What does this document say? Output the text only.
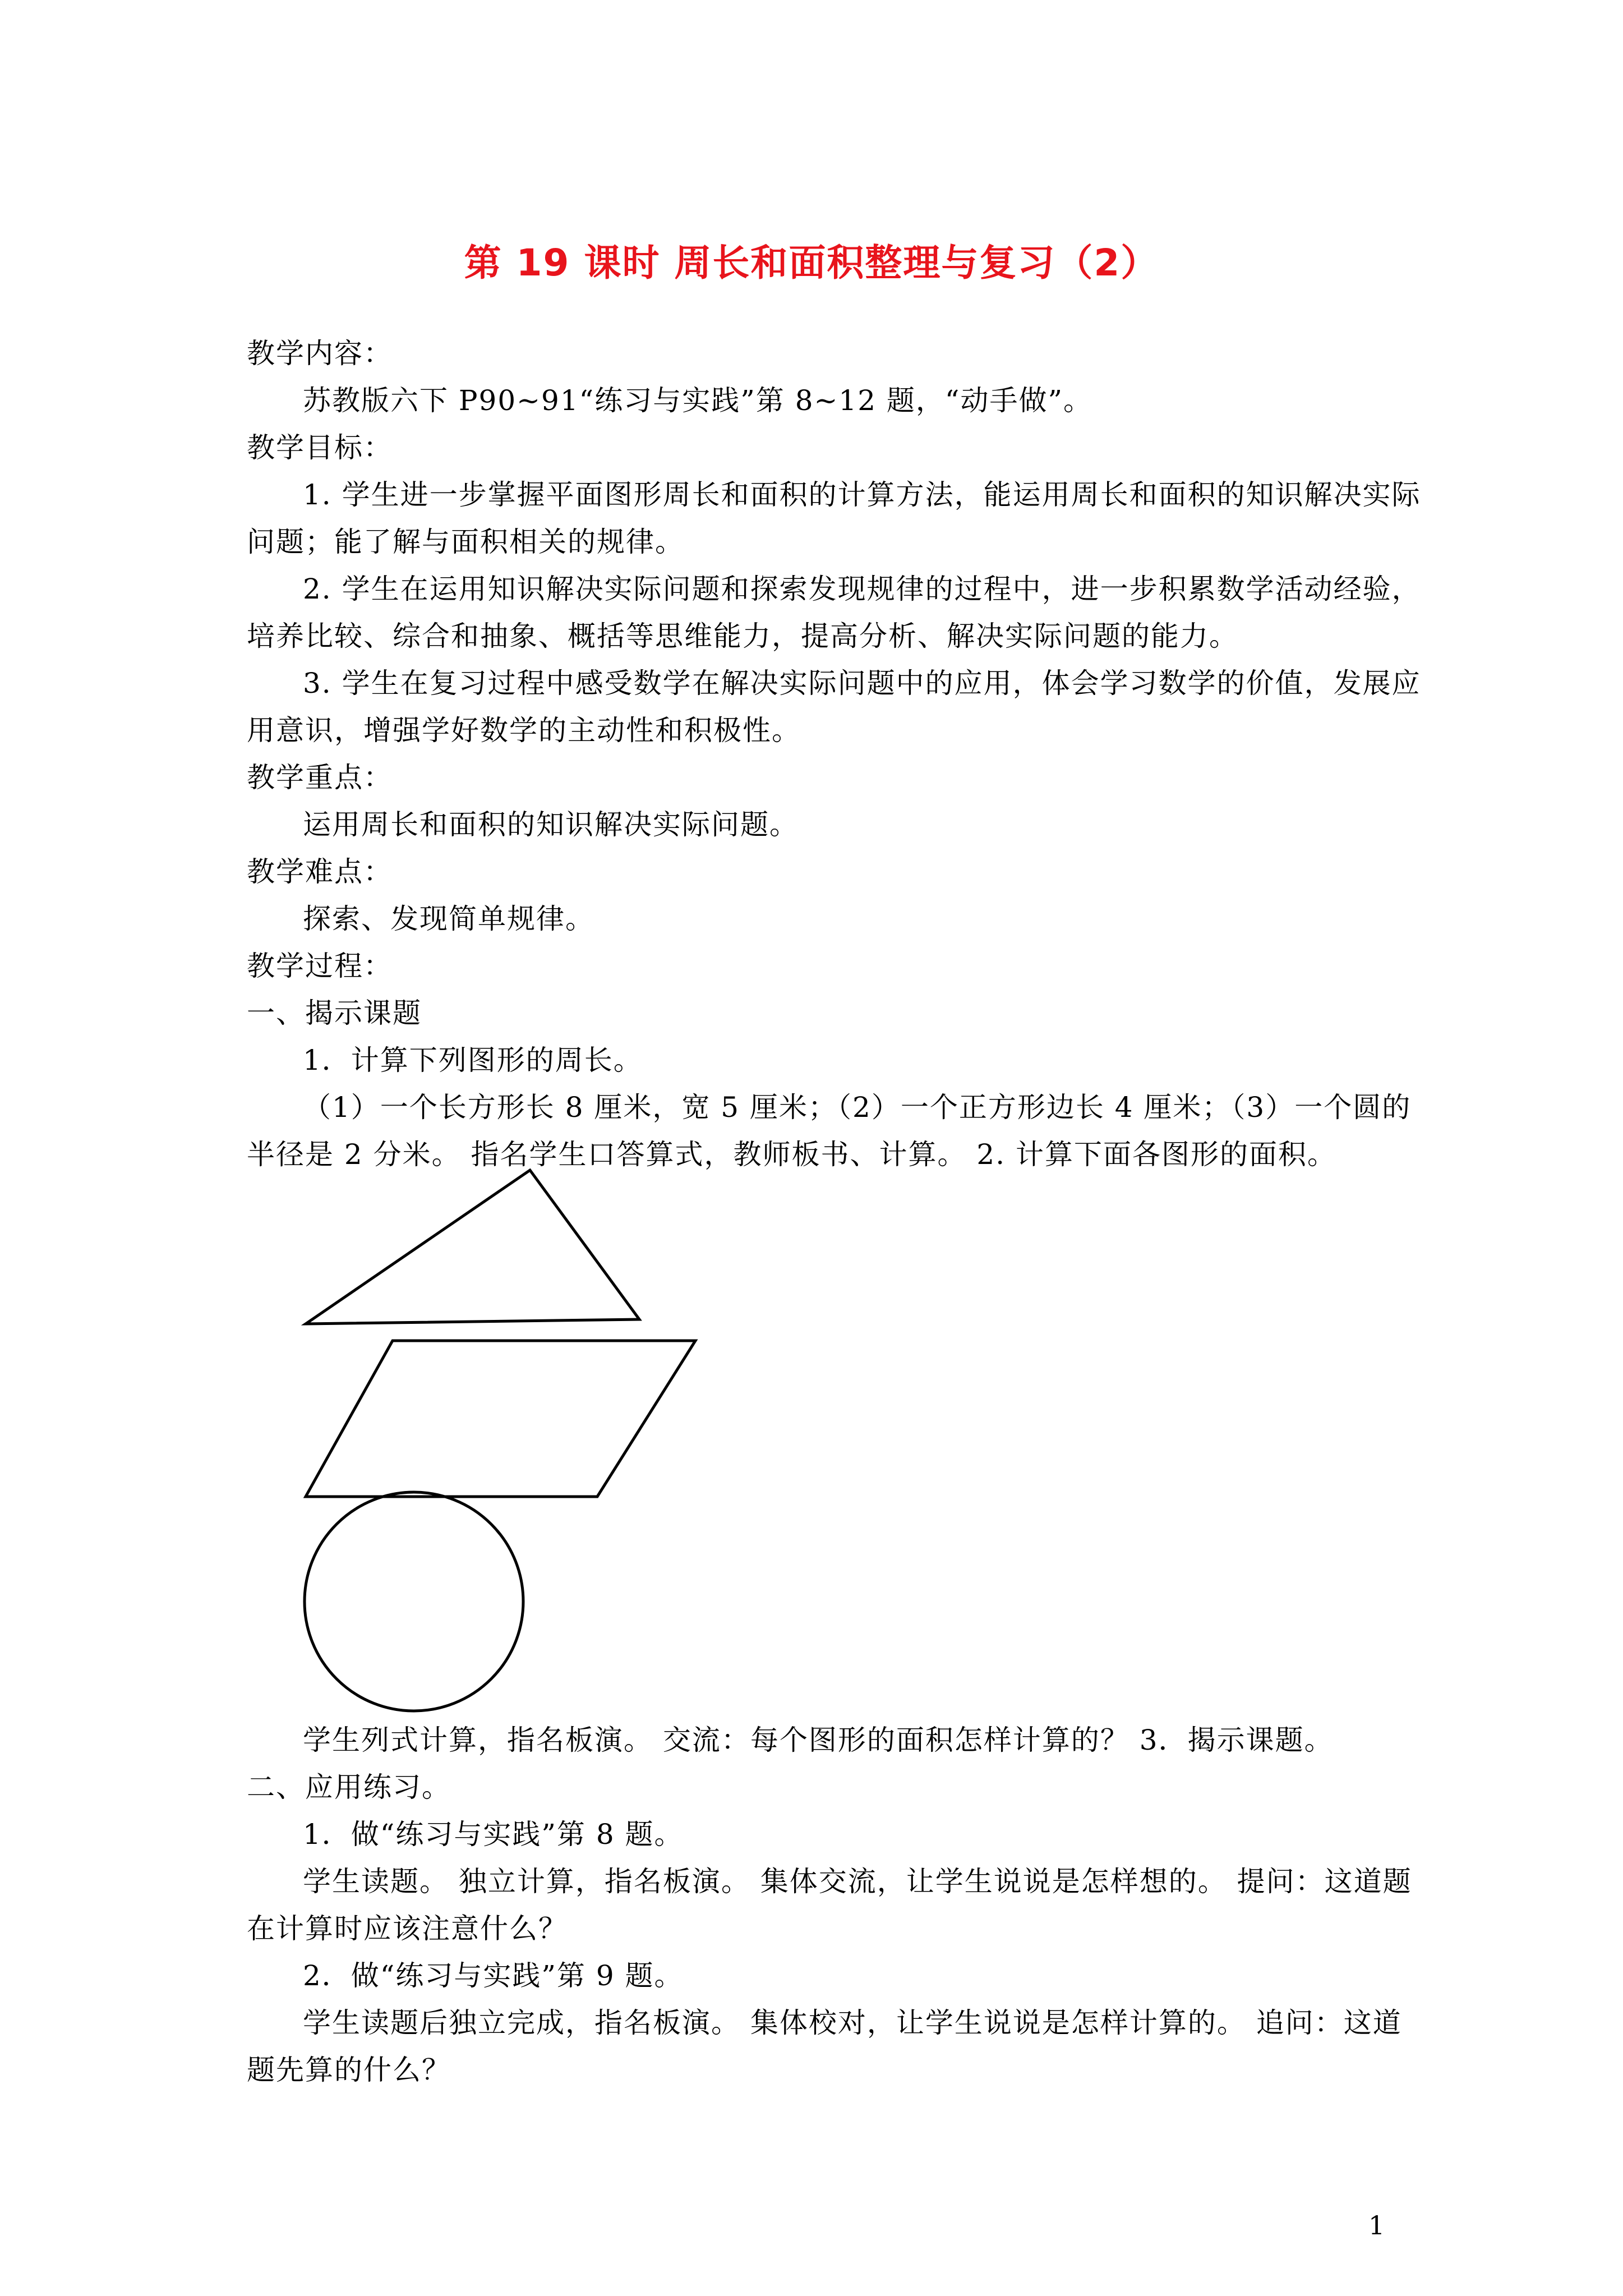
第 19 课时 周长和面积整理与复习（2）
教学内容：
苏教版六下 P90~91“练习与实践”第 8~12 题，“动手做”。
教学目标：
1. 学生进一步掌握平面图形周长和面积的计算方法，能运用周长和面积的知识解决实际
问题；能了解与面积相关的规律。
2. 学生在运用知识解决实际问题和探索发现规律的过程中，进一步积累数学活动经验，
培养比较、综合和抽象、概括等思维能力，提高分析、解决实际问题的能力。
3. 学生在复习过程中感受数学在解决实际问题中的应用，体会学习数学的价值，发展应
用意识，增强学好数学的主动性和积极性。
教学重点：
运用周长和面积的知识解决实际问题。
教学难点：
探索、发现简单规律。
教学过程：
一、揭示课题
1．计算下列图形的周长。
（1）一个长方形长 8 厘米，宽 5 厘米；（2）一个正方形边长 4 厘米；（3）一个圆的
半径是 2 分米。 指名学生口答算式，教师板书、计算。 2. 计算下面各图形的面积。
学生列式计算，指名板演。 交流：每个图形的面积怎样计算的？ 3．揭示课题。
二、应用练习。
1．做“练习与实践”第 8 题。
学生读题。 独立计算，指名板演。 集体交流，让学生说说是怎样想的。 提问：这道题
在计算时应该注意什么？
2．做“练习与实践”第 9 题。
学生读题后独立完成，指名板演。 集体校对，让学生说说是怎样计算的。 追问：这道
题先算的什么？
1
